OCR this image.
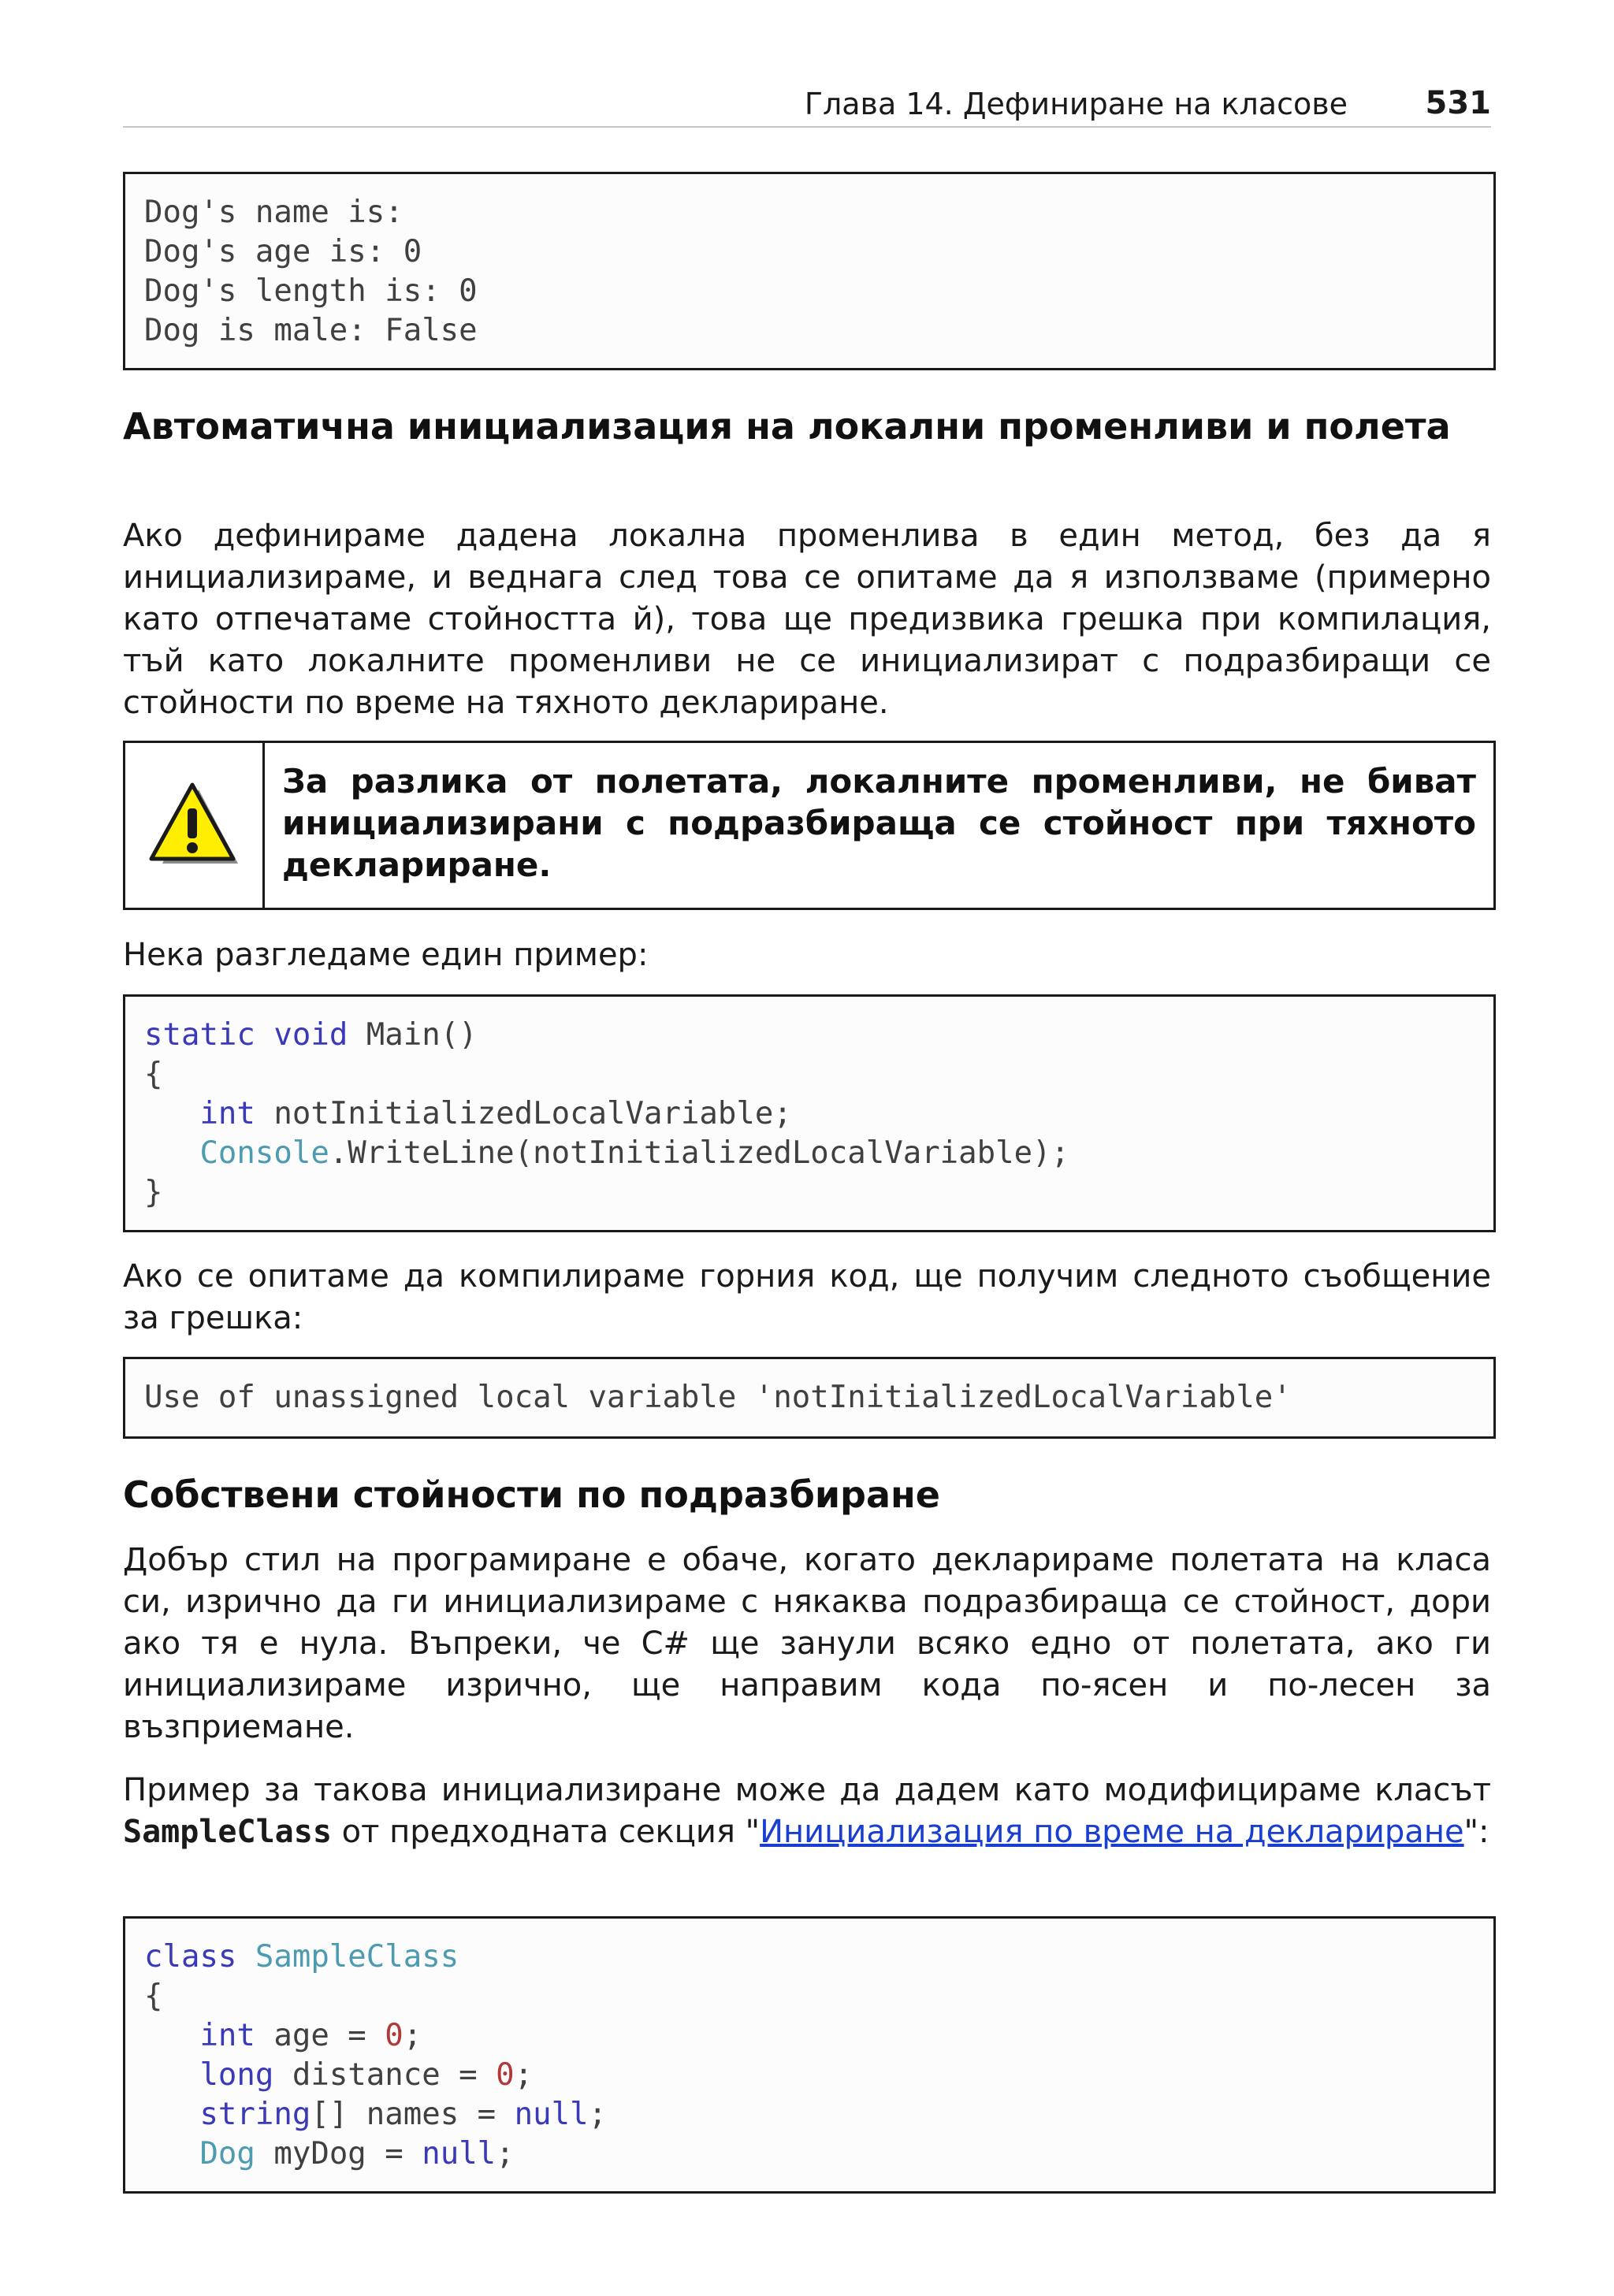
Глава 14. Дефиниране на класове 531
Dog's name is:
Dog's age is: 0
Dog's length is: 0
Dog is male: False
Автоматична инициализация на локални променливи и полета

Ако дефинираме дадена локална променлива в един метод, без да я инициализираме, и веднага след това се опитаме да я използваме (примерно като отпечатаме стойността й), това ще предизвика грешка при компилация, тъй като локалните променливи не се инициализират с подразбиращи се стойности по време на тяхното деклариране.

За разлика от полетата, локалните променливи, не биват инициализирани с подразбираща се стойност при тяхното деклариране.

Нека разгледаме един пример:

static void Main()
{
int notInitializedLocalVariable;
Console.WriteLine(notInitializedLocalVariable);
}

Ако се опитаме да компилираме горния код, ще получим следното съобщение за грешка:

Use of unassigned local variable 'notInitializedLocalVariable'
Собствени стойности по подразбиране

Добър стил на програмиране е обаче, когато декларираме полетата на класа си, изрично да ги инициализираме с някаква подразбираща се стойност, дори ако тя е нула. Въпреки, че C# ще занули всяко едно от полетата, ако ги инициализираме изрично, ще направим кода по-ясен и по-лесен за възприемане.

Пример за такова инициализиране може да дадем като модифицираме класът SampleClass от предходната секция "Инициализация по време на деклариране":

class SampleClass
{
int age = 0;
long distance = 0;
string[] names = null;
Dog myDog = null;
